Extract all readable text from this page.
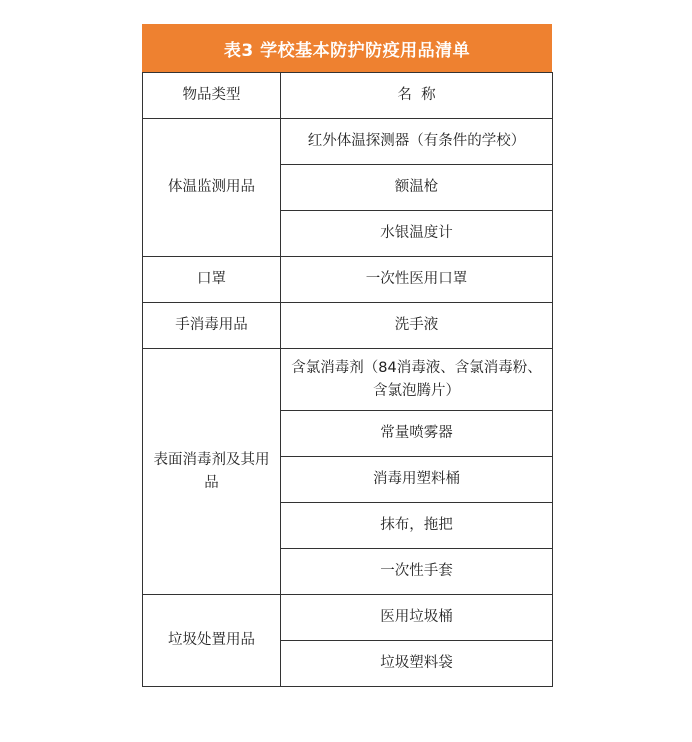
表3 学校基本防护防疫用品清单
物品类型	名  称
体温监测用品	红外体温探测器（有条件的学校）
	额温枪
	水银温度计
口罩	一次性医用口罩
手消毒用品	洗手液
表面消毒剂及其用品	含氯消毒剂（84消毒液、含氯消毒粉、含氯泡腾片）
	常量喷雾器
	消毒用塑料桶
	抹布，拖把
	一次性手套
垃圾处置用品	医用垃圾桶
	垃圾塑料袋
